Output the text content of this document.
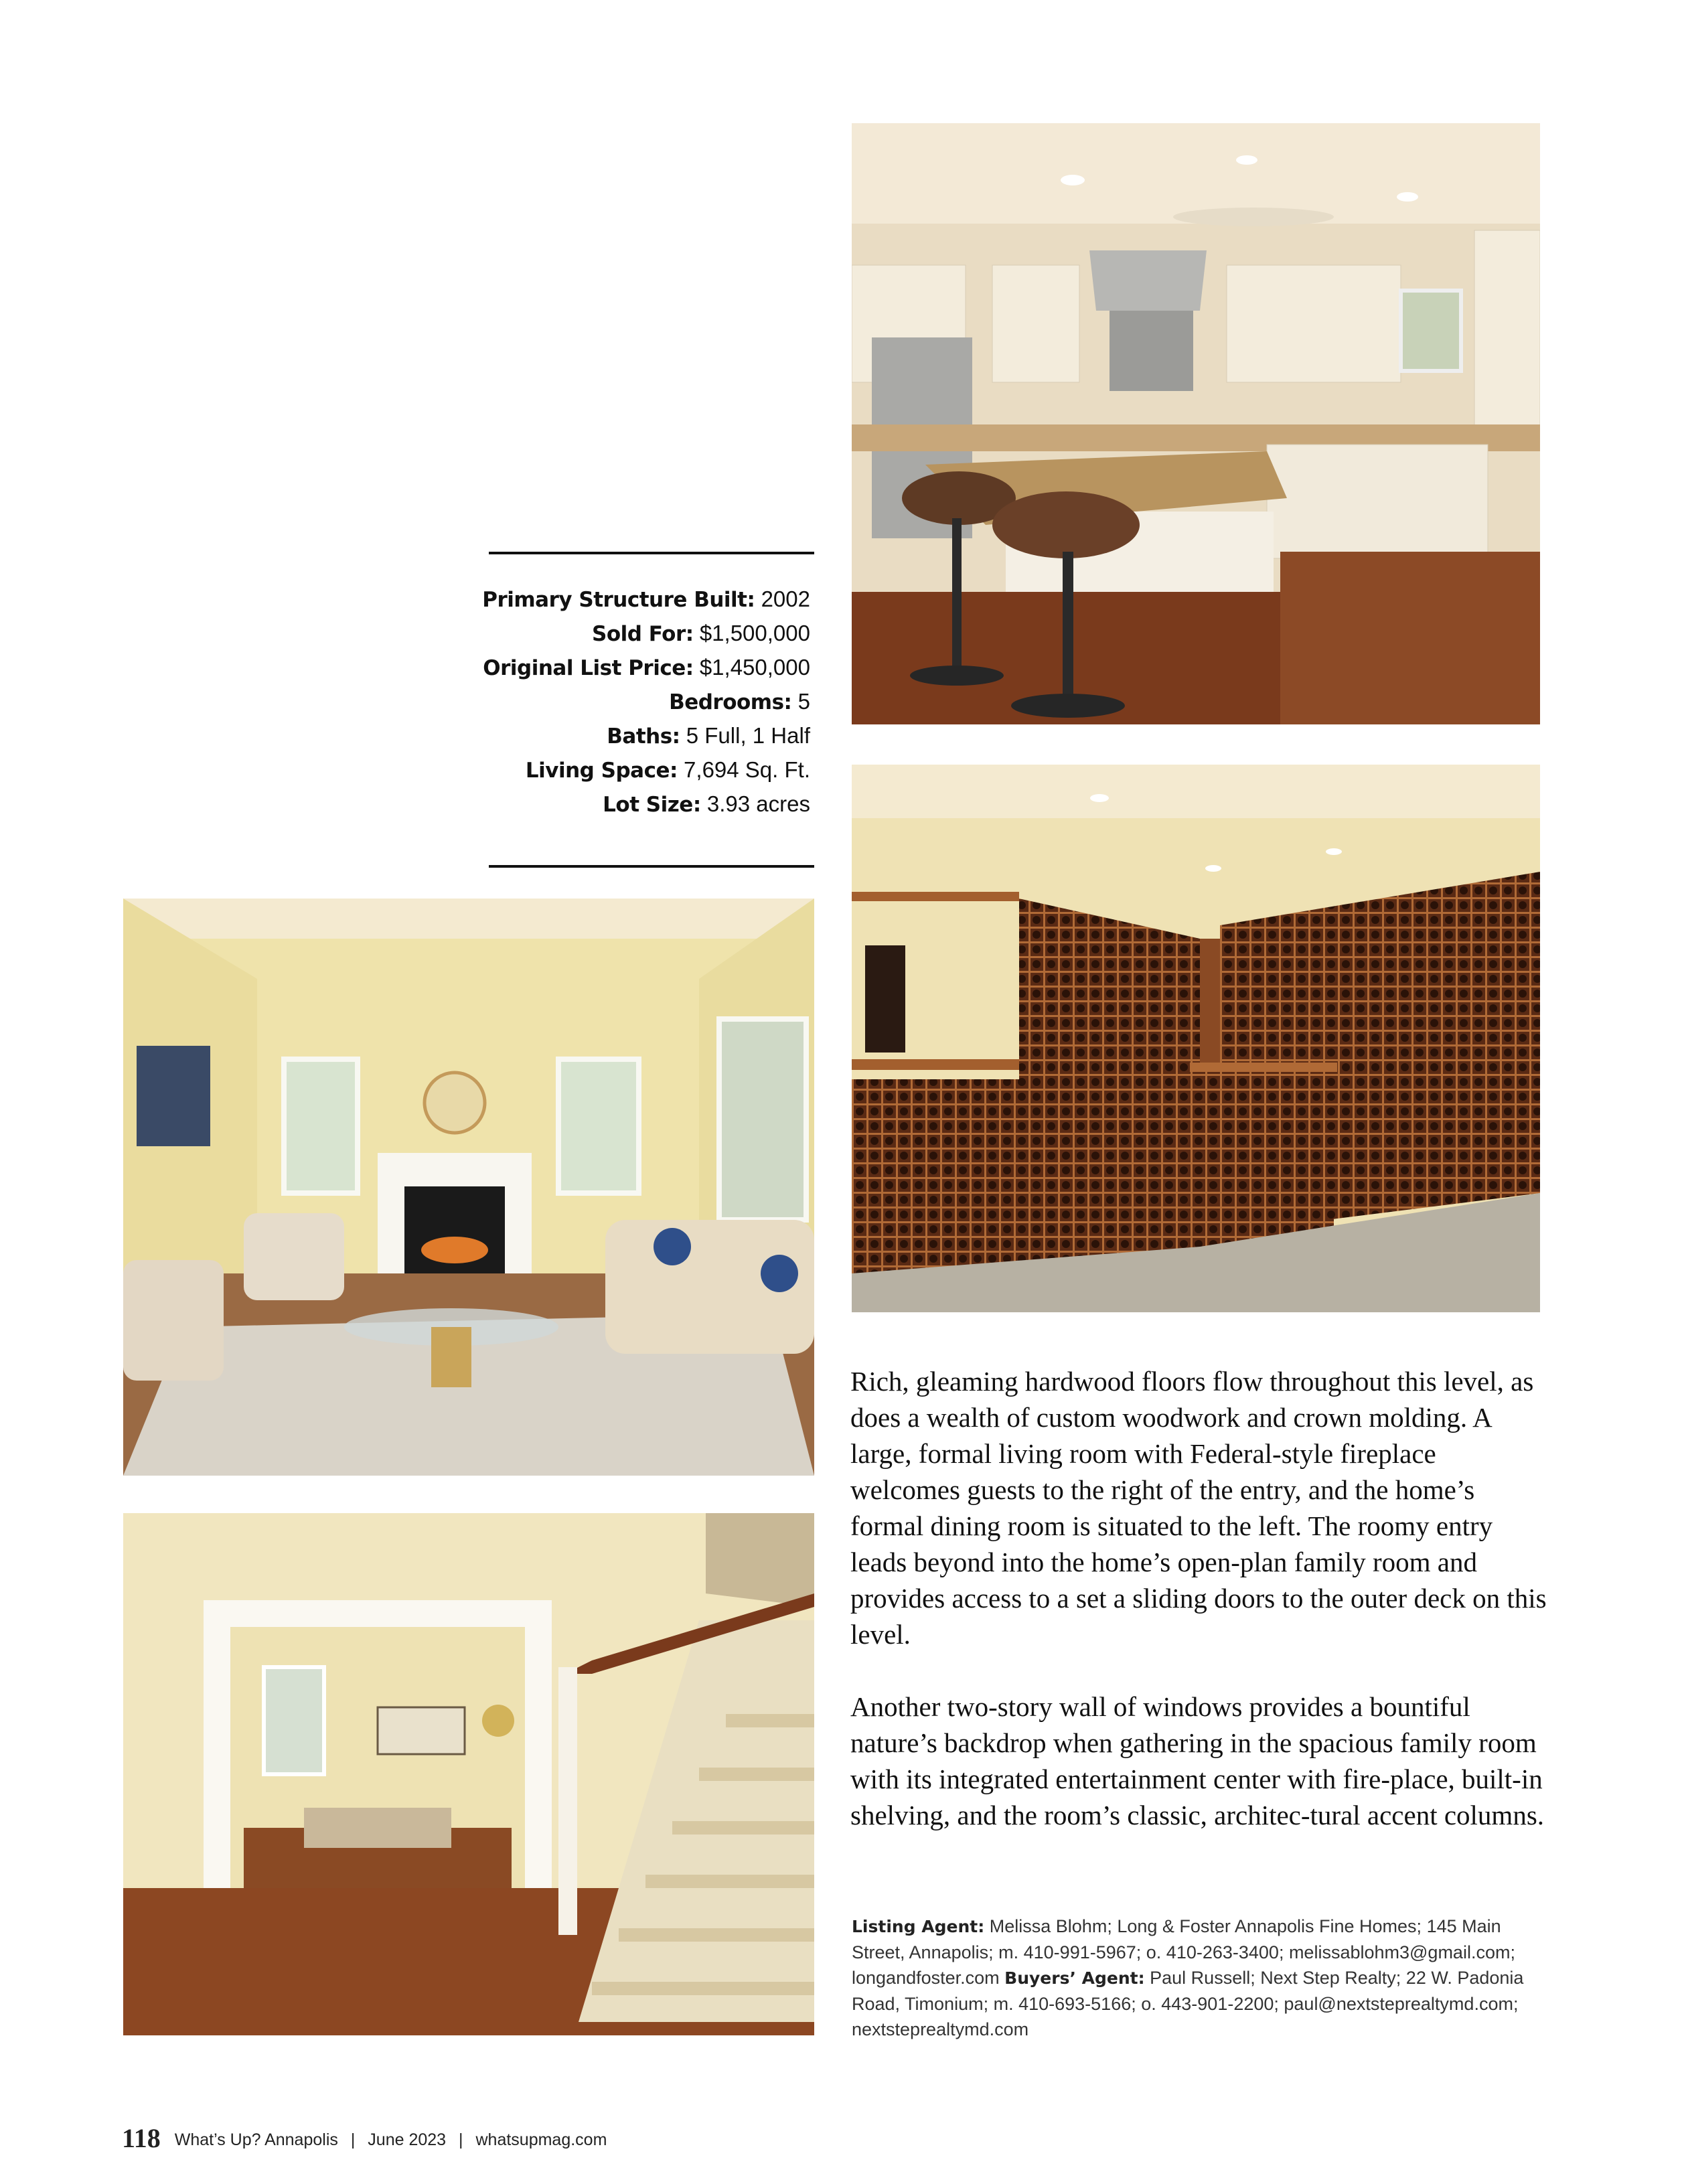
Primary Structure Built: 2002
Sold For: $1,500,000
Original List Price: $1,450,000
Bedrooms: 5
Baths: 5 Full, 1 Half
Living Space: 7,694 Sq. Ft.
Lot Size: 3.93 acres

Rich, gleaming hardwood floors flow throughout this level, as does a wealth of custom woodwork and crown molding. A large, formal living room with Federal-style fireplace welcomes guests to the right of the entry, and the home’s formal dining room is situated to the left. The roomy entry leads beyond into the home’s open-plan family room and provides access to a set a sliding doors to the outer deck on this level.

Another two-story wall of windows provides a bountiful nature’s backdrop when gathering in the spacious family room with its integrated entertainment center with fire-place, built-in shelving, and the room’s classic, architec-tural accent columns.

Listing Agent: Melissa Blohm; Long & Foster Annapolis Fine Homes; 145 Main Street, Annapolis; m. 410-991-5967; o. 410-263-3400; melissablohm3@gmail.com; longandfoster.com Buyers’ Agent: Paul Russell; Next Step Realty; 22 W. Padonia Road, Timonium; m. 410-693-5166; o. 443-901-2200; paul@nextsteprealtymd.com; nextsteprealtymd.com
118 What’s Up? Annapolis | June 2023 | whatsupmag.com
